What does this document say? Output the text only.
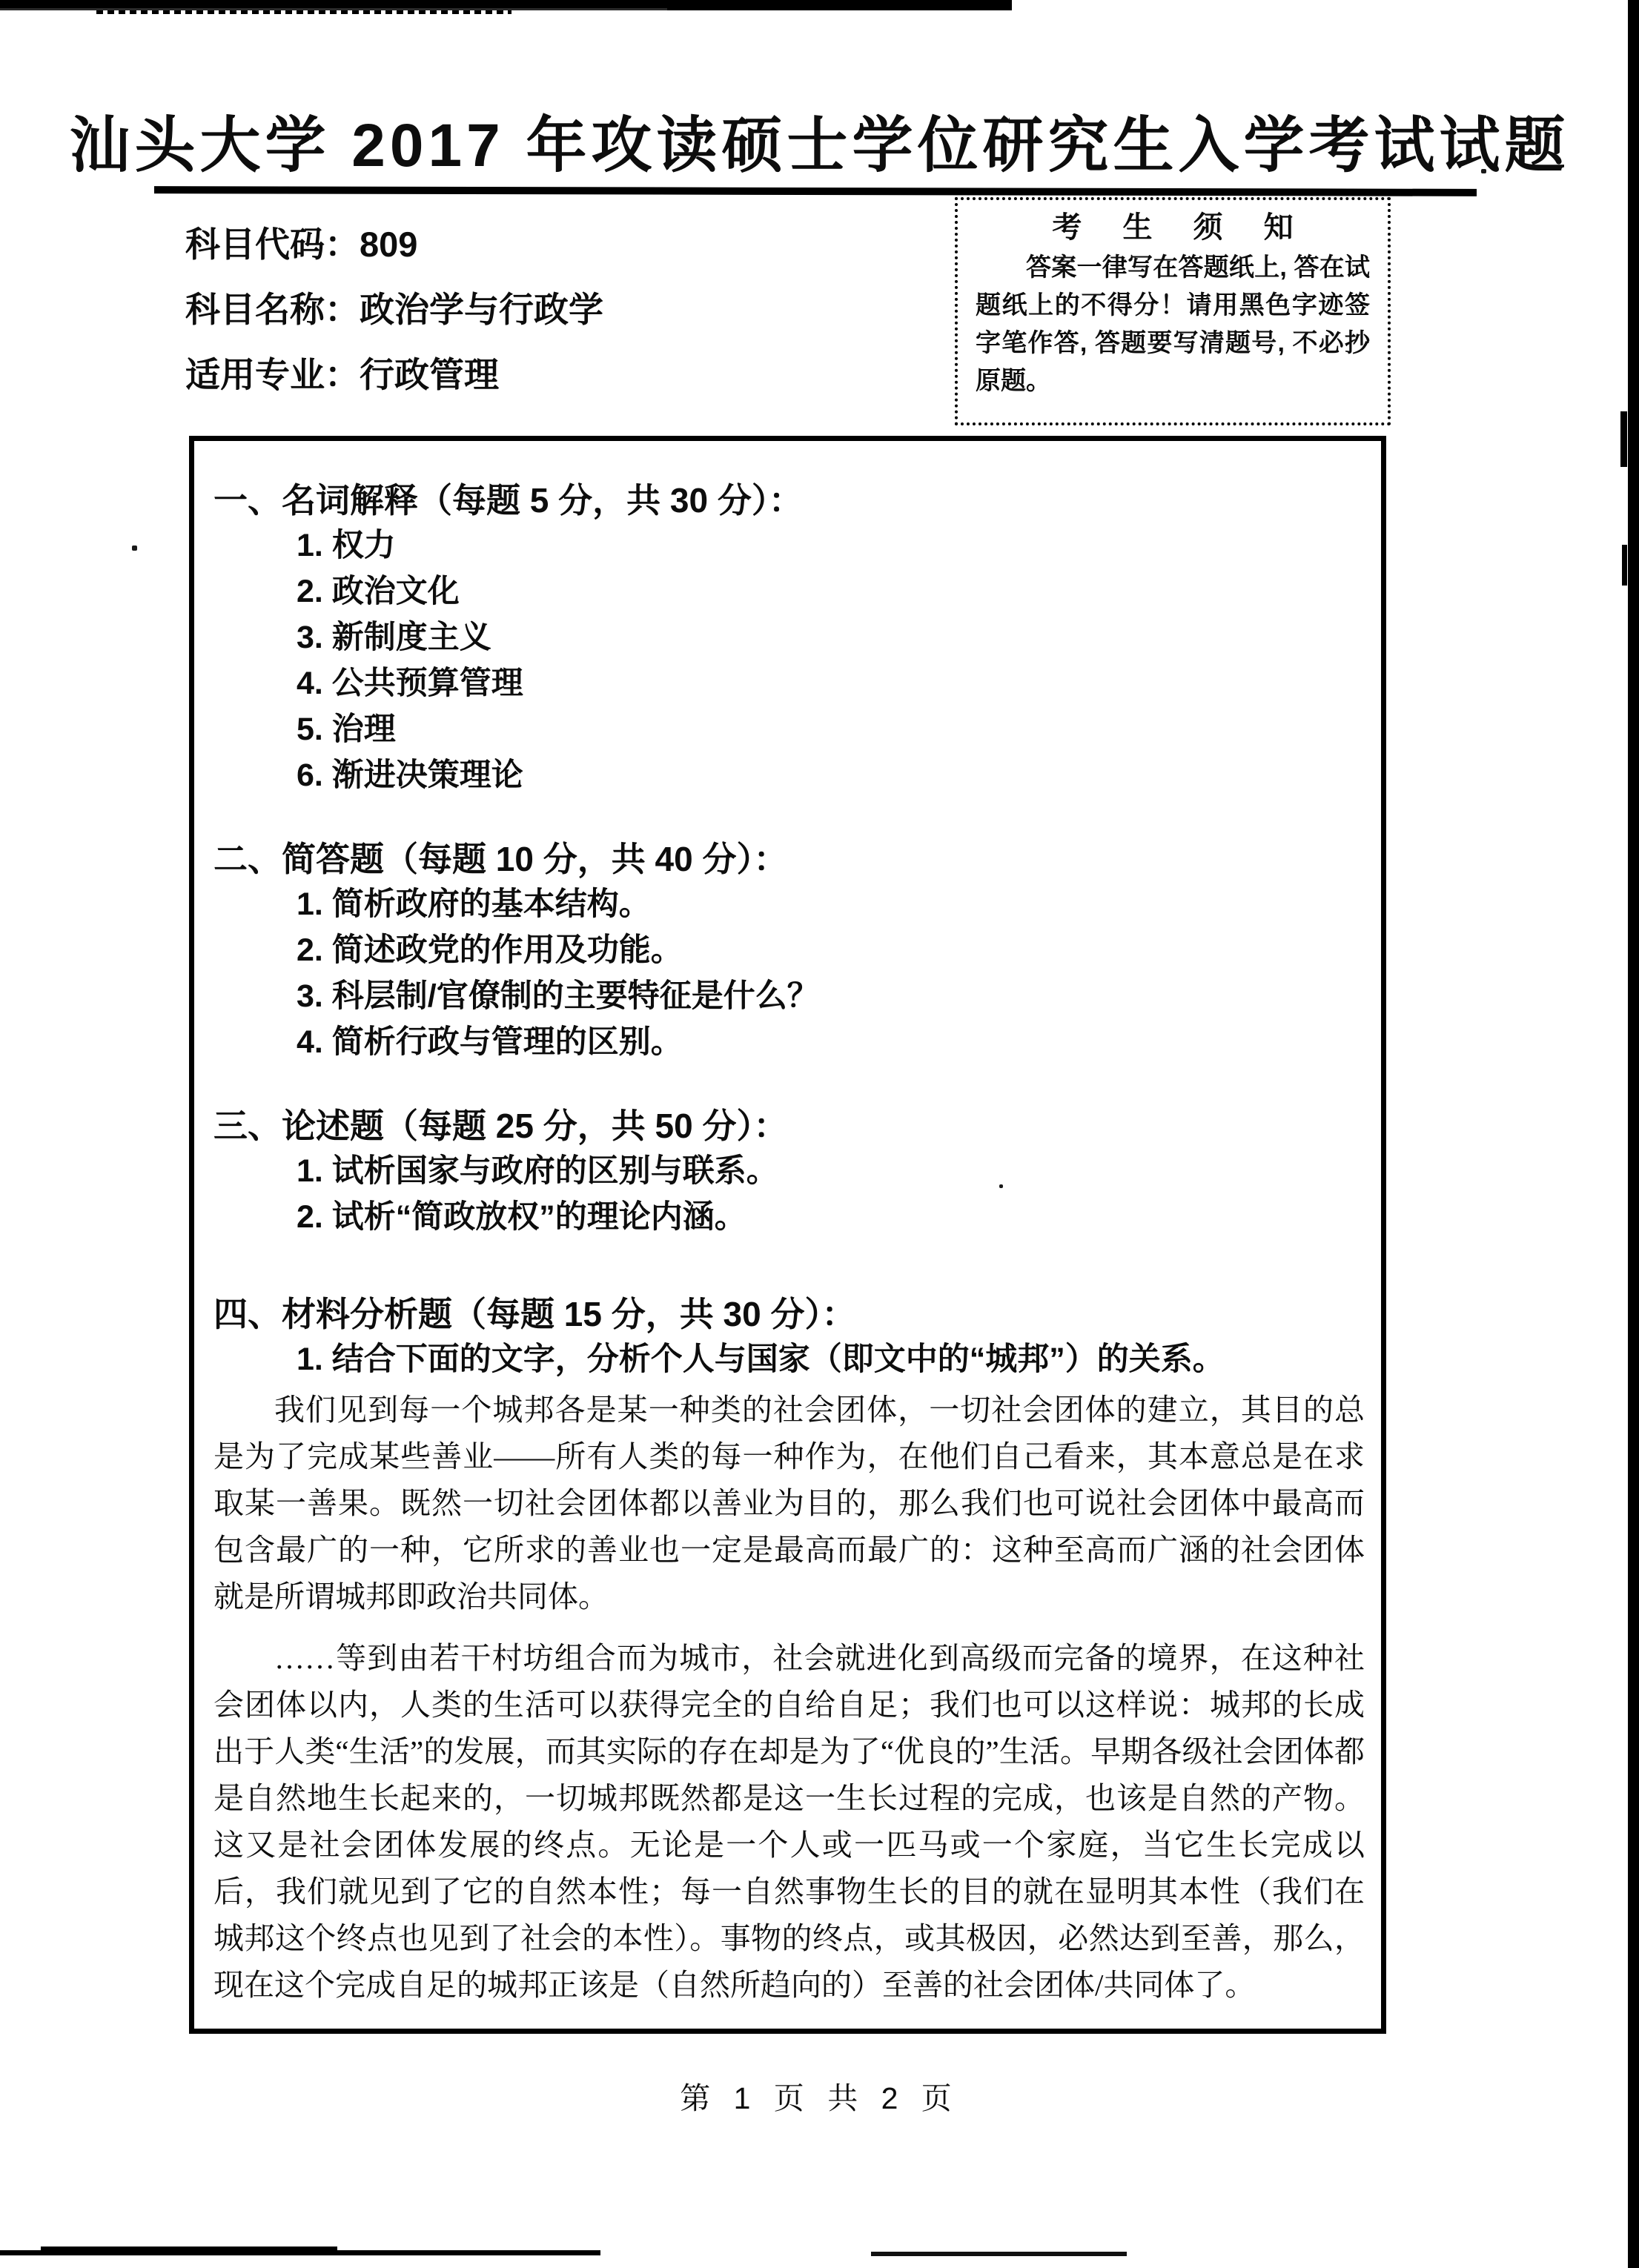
汕头大学 2017 年攻读硕士学位研究生入学考试试题
科目代码：809
科目名称：政治学与行政学
适用专业：行政管理
考 生 须 知
答案一律写在答题纸上, 答在试题纸上的不得分！请用黑色字迹签字笔作答, 答题要写清题号, 不必抄原题。
一、名词解释（每题 5 分，共 30 分）：
1. 权力
2. 政治文化
3. 新制度主义
4. 公共预算管理
5. 治理
6. 渐进决策理论
二、简答题（每题 10 分，共 40 分）：
1. 简析政府的基本结构。
2. 简述政党的作用及功能。
3. 科层制/官僚制的主要特征是什么？
4. 简析行政与管理的区别。
三、论述题（每题 25 分，共 50 分）：
1. 试析国家与政府的区别与联系。
2. 试析“简政放权”的理论内涵。
四、材料分析题（每题 15 分，共 30 分）：
1. 结合下面的文字，分析个人与国家（即文中的“城邦”）的关系。

我们见到每一个城邦各是某一种类的社会团体，一切社会团体的建立，其目的总是为了完成某些善业——所有人类的每一种作为，在他们自己看来，其本意总是在求取某一善果。既然一切社会团体都以善业为目的，那么我们也可说社会团体中最高而包含最广的一种，它所求的善业也一定是最高而最广的：这种至高而广涵的社会团体就是所谓城邦即政治共同体。

……等到由若干村坊组合而为城市，社会就进化到高级而完备的境界，在这种社会团体以内，人类的生活可以获得完全的自给自足；我们也可以这样说：城邦的长成出于人类“生活”的发展，而其实际的存在却是为了“优良的”生活。早期各级社会团体都是自然地生长起来的，一切城邦既然都是这一生长过程的完成，也该是自然的产物。这又是社会团体发展的终点。无论是一个人或一匹马或一个家庭，当它生长完成以后，我们就见到了它的自然本性；每一自然事物生长的目的就在显明其本性（我们在城邦这个终点也见到了社会的本性）。事物的终点，或其极因，必然达到至善，那么，现在这个完成自足的城邦正该是（自然所趋向的）至善的社会团体/共同体了。

第 1 页 共 2 页
